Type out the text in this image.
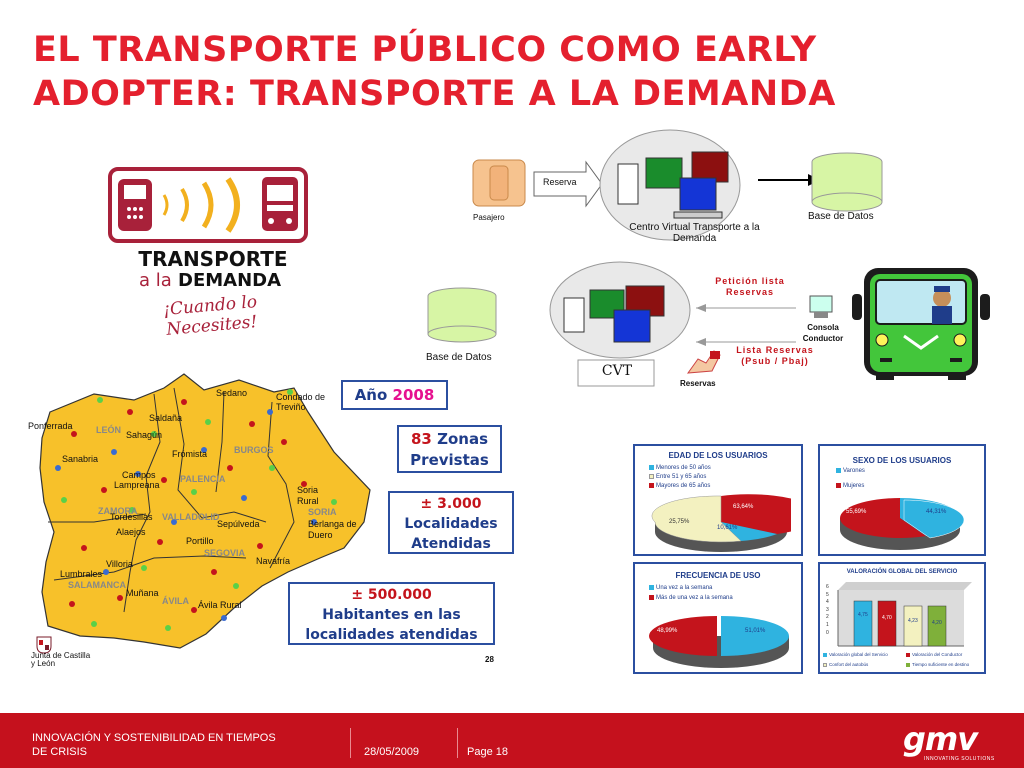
EL TRANSPORTE PÚBLICO COMO EARLY
ADOPTER: TRANSPORTE A LA DEMANDA
TRANSPORTE
a la DEMANDA
¡Cuando lo Necesites!
Pasajero
Reserva
Centro Virtual Transporte a la Demanda
Base de Datos
Base de Datos
CVT
Petición lista Reservas
Lista Reservas (Psub / Pbaj)
Consola Conductor
Reservas
Sedano	Condado de Treviño
Saldaña
Ponferrada	LEÓN Sahagún
Frómista	BURGOS
Sanabria
Campos
Lampreana
PALENCIA
Soria Rural
ZAMORA
Tordesillas VALLADOLID	SORIA
Alaejos
Sepúlveda	Berlanga de Duero
Portillo
SEGOVIA
Villoria	Navafría
Lumbrales
SALAMANCA
Muñana
ÁVILA Ávila Rural
Junta de Castilla y León	28
Año 2008
83 Zonas
Previstas
± 3.000
Localidades
Atendidas
± 500.000
Habitantes en las
localidades atendidas
EDAD DE LOS USUARIOS
Menores de 50 años
Entre 51 y 65 años
Mayores de 65 años
63,64%
25,75%
10,61%
SEXO DE LOS USUARIOS
Varones
Mujeres
55,69%	44,31%
FRECUENCIA DE USO
Una vez a la semana
Más de una vez a la semana
48,99%	51,01%
VALORACIÓN GLOBAL DEL SERVICIO
6
5
4
3
2
1
0
4,75	4,70	4,23	4,20
Valoración global del Servicio	Valoración del Conductor
Confort del autobús	Tiempo suficiente en destino
INNOVACIÓN Y SOSTENIBILIDAD EN TIEMPOS
DE CRISIS	28/05/2009	Page 18	gmv
INNOVATING SOLUTIONS
